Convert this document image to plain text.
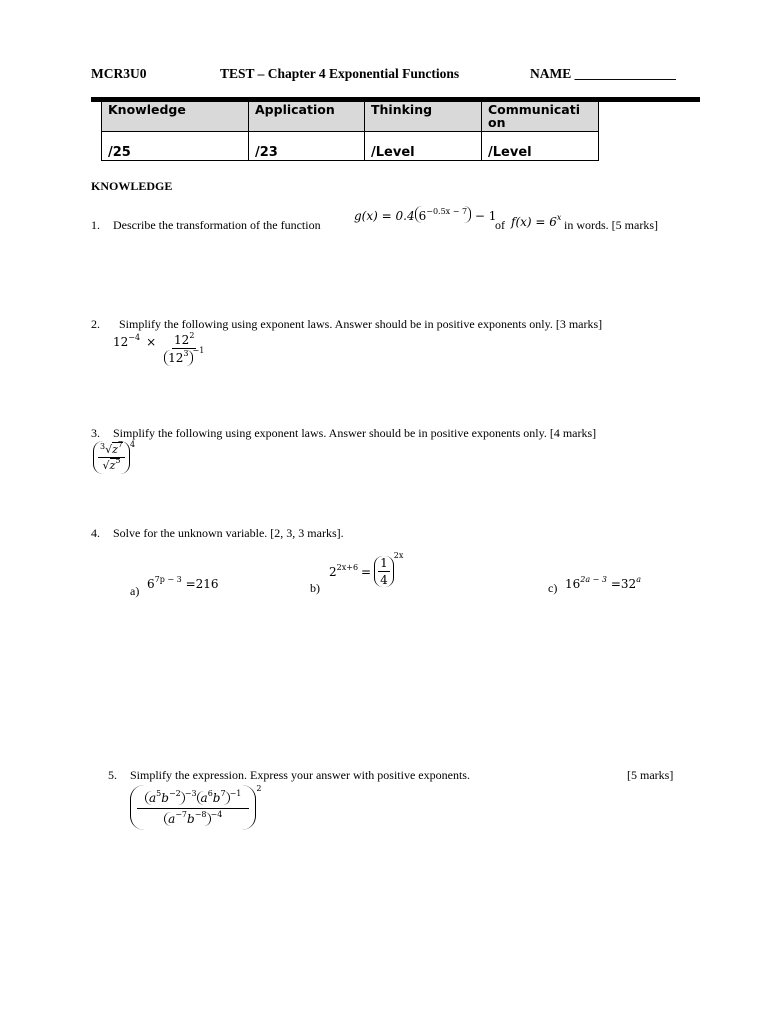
MCR3U0	TEST – Chapter 4 Exponential Functions	NAME _______________
Knowledge	Application	Thinking	Communicati on
/25	/23	/Level	/Level
KNOWLEDGE
1. Describe the transformation of the function
g(x) = 0.4 $6^{-0.5x - 7} - 1$
of $f(x) = 6^x$
in words. [5 marks]
2. Simplify the following using exponent laws. Answer should be in positive exponents only. [3 marks]
$12^{-4} \times \frac{12^2}{12^3 ^{-1}}$
3. Simplify the following using exponent laws. Answer should be in positive exponents only. [4 marks]
$\frac{^3√z^7}{√z^5} 4$
4. Solve for the unknown variable. [2, 3, 3 marks].
a) $6^{7p - 3} =216$	b)
$2^{2x+6} = \frac{1}{4}$
2x
c) $16^{2a - 3} =32^a$
5. Simplify the expression. Express your answer with positive exponents.	[5 marks]
$\frac{a^5b^{-2} ^{-3} a^6b^7 ^{-1}}{a^{-7}b^{-8} ^{-4}}$
2
